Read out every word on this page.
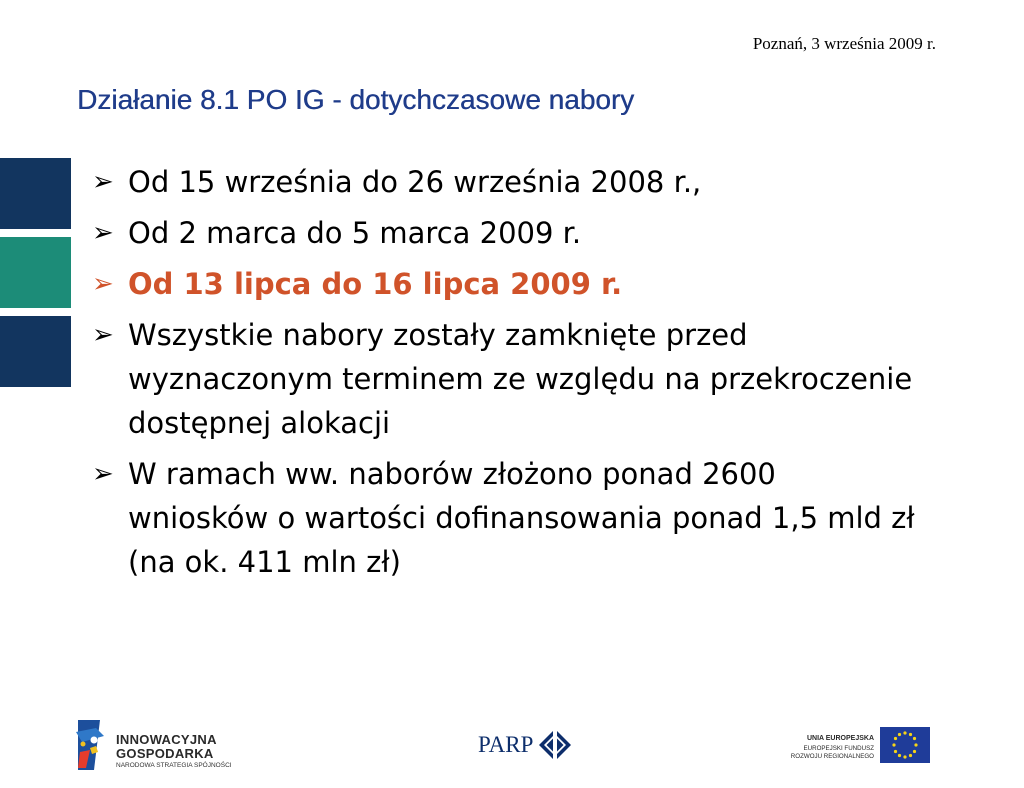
Poznań, 3 września 2009 r.
Działanie 8.1 PO IG - dotychczasowe nabory
➢ Od 15 września do 26 września 2008 r.,
➢ Od 2 marca do 5 marca 2009 r.
➢ Od 13 lipca do 16 lipca 2009 r.
➢ Wszystkie nabory zostały zamknięte przed wyznaczonym terminem ze względu na przekroczenie dostępnej alokacji
➢ W ramach ww. naborów złożono ponad 2600 wniosków o wartości dofinansowania ponad 1,5 mld zł (na ok. 411 mln zł)
INNOWACYJNA
GOSPODARKA
NARODOWA STRATEGIA SPÓJNOŚCI
PARP	UNIA EUROPEJSKA
EUROPEJSKI FUNDUSZ
ROZWOJU REGIONALNEGO
